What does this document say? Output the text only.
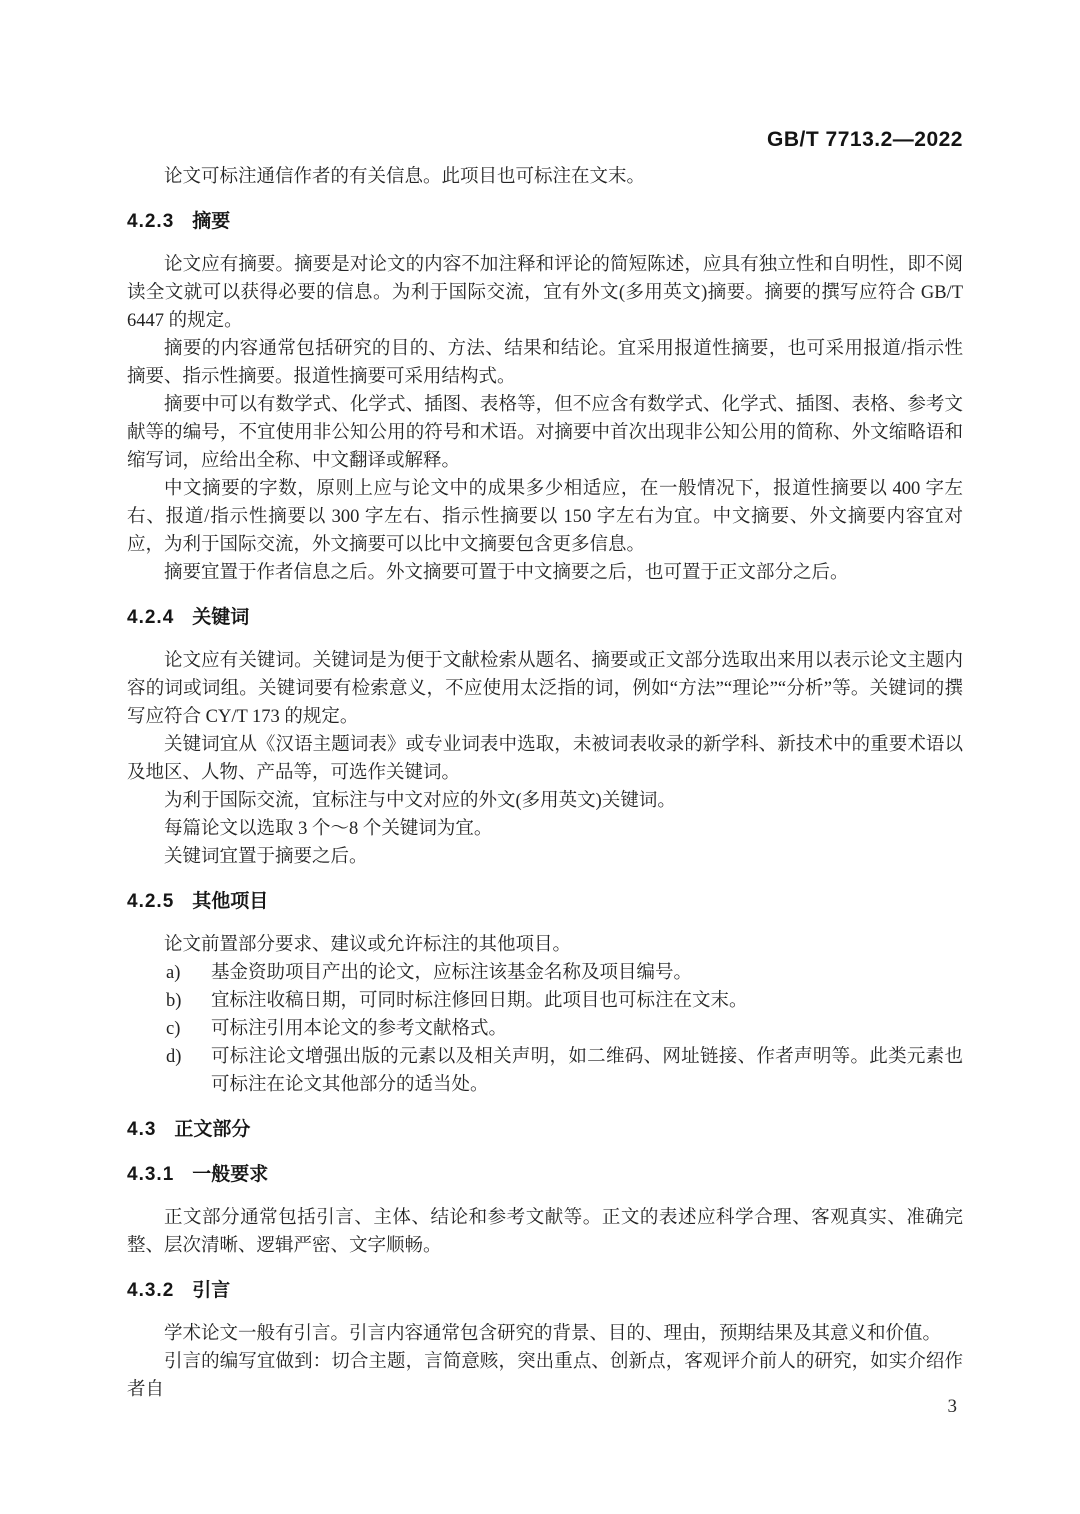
GB/T 7713.2—2022

论文可标注通信作者的有关信息。此项目也可标注在文末。

4.2.3 摘要

论文应有摘要。摘要是对论文的内容不加注释和评论的简短陈述，应具有独立性和自明性，即不阅读全文就可以获得必要的信息。为利于国际交流，宜有外文(多用英文)摘要。摘要的撰写应符合 GB/T 6447 的规定。

摘要的内容通常包括研究的目的、方法、结果和结论。宜采用报道性摘要，也可采用报道/指示性摘要、指示性摘要。报道性摘要可采用结构式。

摘要中可以有数学式、化学式、插图、表格等，但不应含有数学式、化学式、插图、表格、参考文献等的编号，不宜使用非公知公用的符号和术语。对摘要中首次出现非公知公用的简称、外文缩略语和缩写词，应给出全称、中文翻译或解释。

中文摘要的字数，原则上应与论文中的成果多少相适应，在一般情况下，报道性摘要以 400 字左右、报道/指示性摘要以 300 字左右、指示性摘要以 150 字左右为宜。中文摘要、外文摘要内容宜对应，为利于国际交流，外文摘要可以比中文摘要包含更多信息。

摘要宜置于作者信息之后。外文摘要可置于中文摘要之后，也可置于正文部分之后。

4.2.4 关键词

论文应有关键词。关键词是为便于文献检索从题名、摘要或正文部分选取出来用以表示论文主题内容的词或词组。关键词要有检索意义，不应使用太泛指的词，例如“方法”“理论”“分析”等。关键词的撰写应符合 CY/T 173 的规定。

关键词宜从《汉语主题词表》或专业词表中选取，未被词表收录的新学科、新技术中的重要术语以及地区、人物、产品等，可选作关键词。

为利于国际交流，宜标注与中文对应的外文(多用英文)关键词。

每篇论文以选取 3 个～8 个关键词为宜。

关键词宜置于摘要之后。

4.2.5 其他项目

论文前置部分要求、建议或允许标注的其他项目。

a) 基金资助项目产出的论文，应标注该基金名称及项目编号。
b) 宜标注收稿日期，可同时标注修回日期。此项目也可标注在文末。
c) 可标注引用本论文的参考文献格式。
d) 可标注论文增强出版的元素以及相关声明，如二维码、网址链接、作者声明等。此类元素也可标注在论文其他部分的适当处。
4.3 正文部分
4.3.1 一般要求

正文部分通常包括引言、主体、结论和参考文献等。正文的表述应科学合理、客观真实、准确完整、层次清晰、逻辑严密、文字顺畅。

4.3.2 引言

学术论文一般有引言。引言内容通常包含研究的背景、目的、理由，预期结果及其意义和价值。

引言的编写宜做到：切合主题，言简意赅，突出重点、创新点，客观评介前人的研究，如实介绍作者自

3
